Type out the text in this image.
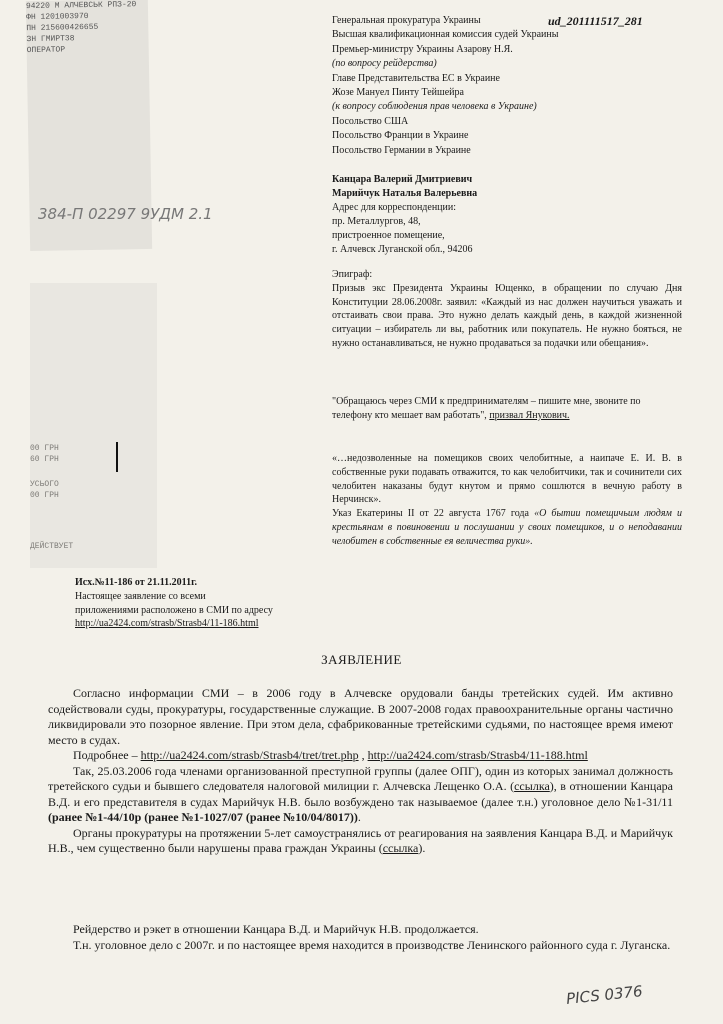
94220 М АЛЧЕВСЬК РПЗ-20
ФН 1201003970
ПН 215600426655
ЗН ГМИРТ38
ОПЕРАТОР
384-П 02297 9УДМ 2.1
00 ГРН
60 ГРН
УСЬОГО
00 ГРН
ДЕЙСТВУЕТ
ud_201111517_281
Генеральная прокуратура Украины
Высшая квалификационная комиссия судей Украины
Премьер-министру Украины Азарову Н.Я.
(по вопросу рейдерства)
Главе Представительства ЕС в Украине
Жозе Мануел Пинту Тейшейра
(к вопросу соблюдения прав человека в Украине)
Посольство США
Посольство Франции в Украине
Посольство Германии в Украине
Канцара Валерий Дмитриевич
Марийчук Наталья Валерьевна
Адрес для корреспонденции:
пр. Металлургов, 48,
пристроенное помещение,
г. Алчевск Луганской обл., 94206

Эпиграф:

Призыв экс Президента Украины Ющенко, в обращении по случаю Дня Конституции 28.06.2008г. заявил: «Каждый из нас должен научиться уважать и отстаивать свои права. Это нужно делать каждый день, в каждой жизненной ситуации – избиратель ли вы, работник или покупатель. Не нужно бояться, не нужно останавливаться, не нужно продаваться за подачки или обещания».

"Обращаюсь через СМИ к предпринимателям – пишите мне, звоните по телефону кто мешает вам работать", призвал Янукович.

«…недозволенные на помещиков своих челобитные, а наипаче Е. И. В. в собственные руки подавать отважится, то как челобитчики, так и сочинители сих челобитен наказаны будут кнутом и прямо сошлются в вечную работу в Нерчинск».

Указ Екатерины II от 22 августа 1767 года «О бытии помещичьим людям и крестьянам в повиновении и послушании у своих помещиков, и о неподавании челобитен в собственные ея величества руки».

Исх.№11-186 от 21.11.2011г.
Настоящее заявление со всеми
приложениями расположено в СМИ по адресу
http://ua2424.com/strasb/Strasb4/11-186.html
ЗАЯВЛЕНИЕ

Согласно информации СМИ – в 2006 году в Алчевске орудовали банды третейских судей. Им активно содействовали суды, прокуратуры, государственные служащие. В 2007-2008 годах правоохранительные органы частично ликвидировали это позорное явление. При этом дела, сфабрикованные третейскими судьями, по настоящее время имеют место в судах.

Подробнее – http://ua2424.com/strasb/Strasb4/tret/tret.php , http://ua2424.com/strasb/Strasb4/11-188.html

Так, 25.03.2006 года членами организованной преступной группы (далее ОПГ), один из которых занимал должность третейского судьи и бывшего следователя налоговой милиции г. Алчевска Лещенко О.А. (ссылка), в отношении Канцара В.Д. и его представителя в судах Марийчук Н.В. было возбуждено так называемое (далее т.н.) уголовное дело №1-31/11 (ранее №1-44/10р (ранее №1-1027/07 (ранее №10/04/8017)).

Органы прокуратуры на протяжении 5-лет самоустранялись от реагирования на заявления Канцара В.Д. и Марийчук Н.В., чем существенно были нарушены права граждан Украины (ссылка).

Рейдерство и рэкет в отношении Канцара В.Д. и Марийчук Н.В. продолжается.

Т.н. уголовное дело с 2007г. и по настоящее время находится в производстве Ленинского районного суда г. Луганска.

PICS 0376
